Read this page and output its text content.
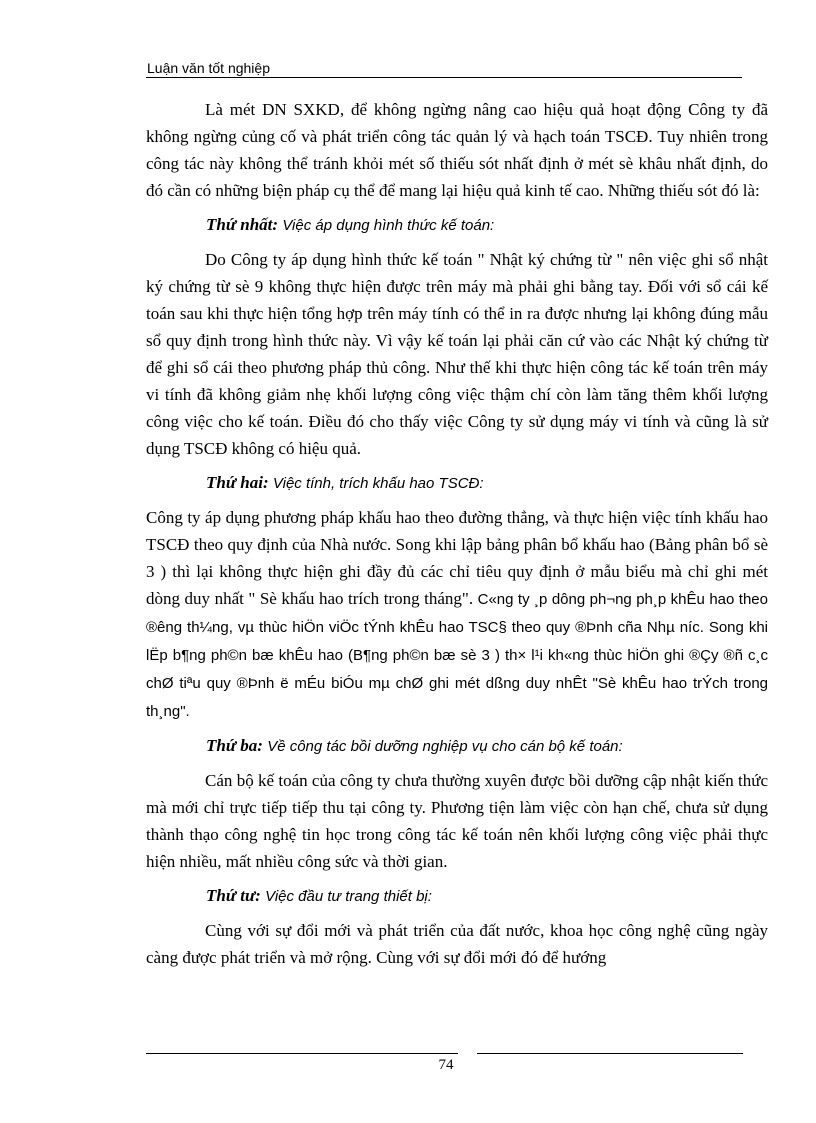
Luận văn tốt nghiệp

Là mét DN SXKD, để không ngừng nâng cao hiệu quả hoạt động Công ty đã không ngừng củng cố và phát triển công tác quản lý và hạch toán TSCĐ. Tuy nhiên trong công tác này không thể tránh khỏi mét số thiếu sót nhất định ở mét sè khâu nhất định, do đó cần có những biện pháp cụ thể để mang lại hiệu quả kinh tế cao. Những thiếu sót đó là:

Thứ nhất: Việc áp dụng hình thức kế toán:

Do Công ty áp dụng hình thức kế toán " Nhật ký chứng từ " nên việc ghi sổ nhật ký chứng từ sè 9 không thực hiện được trên máy mà phải ghi bằng tay. Đối với sổ cái kế toán sau khi thực hiện tổng hợp trên máy tính có thể in ra được nhưng lại không đúng mẫu sổ quy định trong hình thức này. Vì vậy kế toán lại phải căn cứ vào các Nhật ký chứng từ để ghi sổ cái theo phương pháp thủ công. Như thế khi thực hiện công tác kế toán trên máy vi tính đã không giảm nhẹ khối lượng công việc thậm chí còn làm tăng thêm khối lượng công việc cho kế toán. Điều đó cho thấy việc Công ty sử dụng máy vi tính và cũng là sử dụng TSCĐ không có hiệu quả.

Thứ hai: Việc tính, trích khấu hao TSCĐ:

Công ty áp dụng phương pháp khấu hao theo đường thẳng, và thực hiện việc tính khấu hao TSCĐ theo quy định của Nhà nước. Song khi lập bảng phân bổ khấu hao (Bảng phân bổ sè 3 ) thì lại không thực hiện ghi đầy đủ các chỉ tiêu quy định ở mẫu biểu mà chỉ ghi mét dòng duy nhất " Sè khấu hao trích trong tháng". C«ng ty ¸p dông ph¬ng ph¸p khÊu hao theo ®êng th¼ng, vµ thùc hiÖn viÖc tÝnh khÊu hao TSC§ theo quy ®Þnh cña Nhµ níc. Song khi lËp b¶ng ph©n bæ khÊu hao (B¶ng ph©n bæ sè 3 ) th× l¹i kh«ng thùc hiÖn ghi ®Çy ®ñ c¸c chØ tiªu quy ®Þnh ë mÉu biÓu mµ chØ ghi mét dßng duy nhÊt "Sè khÊu hao trÝch trong th¸ng".

Thứ ba: Về công tác bồi dưỡng nghiệp vụ cho cán bộ kế toán:

Cán bộ kế toán của công ty chưa thường xuyên được bồi dưỡng cập nhật kiến thức mà mới chỉ trực tiếp tiếp thu tại công ty. Phương tiện làm việc còn hạn chế, chưa sử dụng thành thạo công nghệ tin học trong công tác kế toán nên khối lượng công việc phải thực hiện nhiều, mất nhiều công sức và thời gian.

Thứ tư: Việc đầu tư trang thiết bị:

Cùng với sự đổi mới và phát triển của đất nước, khoa học công nghệ cũng ngày càng được phát triển và mở rộng. Cùng với sự đổi mới đó để hướng

74
